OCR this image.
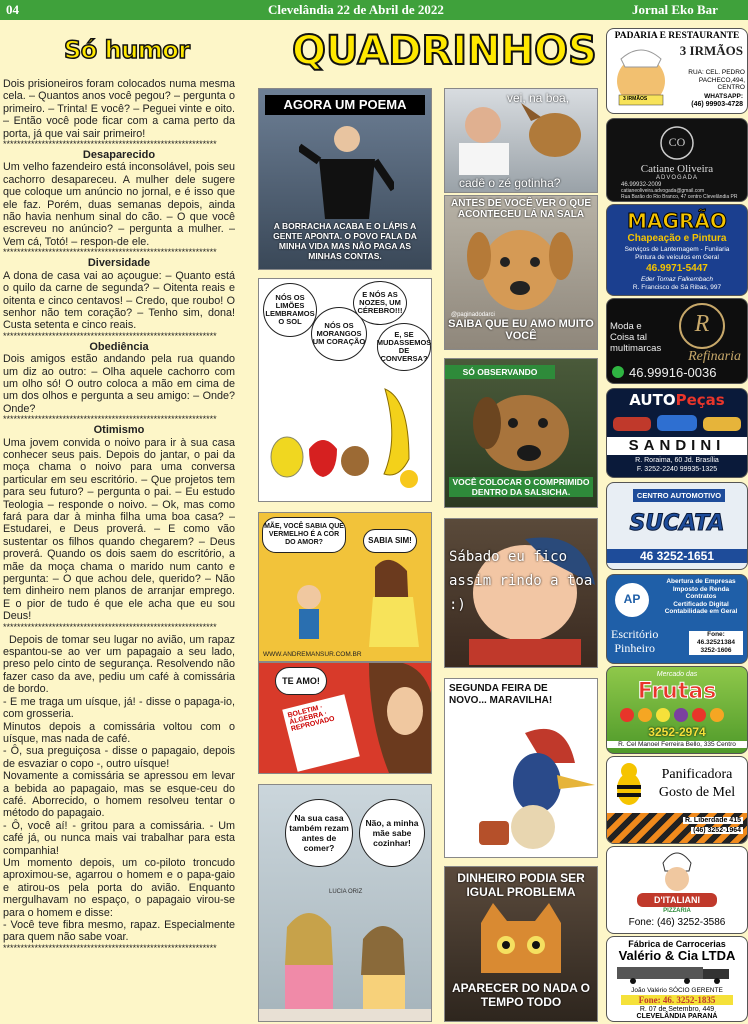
04	Clevelândia 22 de Abril de 2022	Jornal Eko Bar
Só humor	QUADRINHOS

Dois prisioneiros foram colocados numa mesma cela. – Quantos anos você pegou? – pergunta o primeiro. – Trinta! E você? – Peguei vinte e oito. – Então você pode ficar com a cama perto da porta, já que vai sair primeiro!

*************************************************************
Desaparecido

Um velho fazendeiro está inconsolável, pois seu cachorro desapareceu. A mulher dele sugere que coloque um anúncio no jornal, e é isso que ele faz. Porém, duas semanas depois, ainda não havia nenhum sinal do cão. – O que você escreveu no anúncio? – pergunta a mulher. – Vem cá, Totó! – respon-de ele.

*************************************************************
Diversidade

A dona de casa vai ao açougue: – Quanto está o quilo da carne de segunda? – Oitenta reais e oitenta e cinco centavos! – Credo, que roubo! O senhor não tem coração? – Tenho sim, dona! Custa setenta e cinco reais.

*************************************************************
Obediência

Dois amigos estão andando pela rua quando um diz ao outro: – Olha aquele cachorro com um olho só! O outro coloca a mão em cima de um dos olhos e pergunta a seu amigo: – Onde? Onde?

*************************************************************
Otimismo

Uma jovem convida o noivo para ir à sua casa conhecer seus pais. Depois do jantar, o pai da moça chama o noivo para uma conversa particular em seu escritório. – Que projetos tem para seu futuro? – pergunta o pai. – Eu estudo Teologia – responde o noivo. – Ok, mas como fará para dar à minha filha uma boa casa? – Estudarei, e Deus proverá. – E como vão sustentar os filhos quando chegarem? – Deus proverá. Quando os dois saem do escritório, a mãe da moça chama o marido num canto e pergunta: – O que achou dele, querido? – Não tem dinheiro nem planos de arranjar emprego. E o pior de tudo é que ele acha que eu sou Deus!

*************************************************************

Depois de tomar seu lugar no avião, um rapaz espantou-se ao ver um papagaio a seu lado, preso pelo cinto de segurança. Resolvendo não fazer caso da ave, pediu um café à comissária de bordo.

- E me traga um uísque, já! - disse o papaga-io, com grosseria.

Minutos depois a comissária voltou com o uísque, mas nada de café.

- Ô, sua preguiçosa - disse o papagaio, depois de esvaziar o copo -, outro uísque!

Novamente a comissária se apressou em levar a bebida ao papagaio, mas se esque-ceu do café. Aborrecido, o homem resolveu tentar o método do papagaio.

- Ô, você aí! - gritou para a comissária. - Um café já, ou nunca mais vai trabalhar para esta companhia!

Um momento depois, um co-piloto troncudo aproximou-se, agarrou o homem e o papa-gaio e atirou-os pela porta do avião. Enquanto mergulhavam no espaço, o papagaio virou-se para o homem e disse:

- Você teve fibra mesmo, rapaz. Especialmente para quem não sabe voar.

*************************************************************
AGORA UM POEMA
A BORRACHA ACABA E O LÁPIS A GENTE APONTA. O POVO FALA DA MINHA VIDA MAS NÃO PAGA AS MINHAS CONTAS.
NÓS OS LIMÕES LEMBRAMOS O SOL	NÓS OS MORANGOS UM CORAÇÃO
E NÓS AS NOZES, UM CÉREBRO!!!
E, SE MUDASSEMOS DE CONVERSA?
MÃE, VOCÊ SABIA QUE VERMELHO É A COR DO AMOR?	SABIA SIM!
WWW.ANDREMANSUR.COM.BR
TE AMO!
BOLETIM · ÁLGEBRA · REPROVADO
Na sua casa também rezam antes de comer?
Não, a minha mãe sabe cozinhar!
LUCIA ORIZ
vei, na boa,
cadê o zé gotinha?
ANTES DE VOCÊ VER O QUE ACONTECEU LÁ NA SALA
@paginadodarci
SAIBA QUE EU AMO MUITO VOCÊ
SÓ OBSERVANDO
VOCÊ COLOCAR O COMPRIMIDO DENTRO DA SALSICHA.
Sábado eu fico assim rindo a toa :)
SEGUNDA FEIRA DE NOVO... MARAVILHA!
DINHEIRO PODIA SER IGUAL PROBLEMA
APARECER DO NADA O TEMPO TODO
PADARIA E RESTAURANTE
3 IRMÃOS
3 IRMÃOS
RUA: CEL. PEDRO PACHECO,494, CENTRO
WHATSAPP:
(46) 99903-4728
CO
Catiane Oliveira
ADVOGADA
46.99932-2009
catianeoliveira.advogada@gmail.com
Rua Barão do Rio Branco, 47 centro Clevelândia PR
MAGRÃO
Chapeação e Pintura
Serviços de Lanternagem - Funilaria
Pintura de veículos em Geral
46.9971-5447
Eder Tomaz Falkembach
R. Francisco de Sá Ribas, 997
Moda e
Coisa tal
multimarcas
R
Refinaria
46.99916-0036
AUTOPeças
SANDINI
R. Roraima, 60 Jd. Brasília
F. 3252-2240 99935-1325
CENTRO AUTOMOTIVO
SUCATA
46 3252-1651
AP
Abertura de Empresas
Imposto de Renda
Contratos
Certificado Digital
Contabilidade em Geral
Escritório
Pinheiro
Fone:
46.32521384
3252-1606
Mercado das
Frutas
3252-2974
R. Cel Manoel Ferreira Bello, 335 Centro
Panificadora
Gosto de Mel
R. Liberdade 415
(46) 3252-1964
D'ITALIANI
PIZZARIA
Fone: (46) 3252-3586
Fábrica de Carrocerias
Valério & Cia LTDA
João Valério SÓCIO GERENTE
Fone: 46. 3252-1835
R. 07 de Setembro, 449
CLEVELÂNDIA PARANÁ
